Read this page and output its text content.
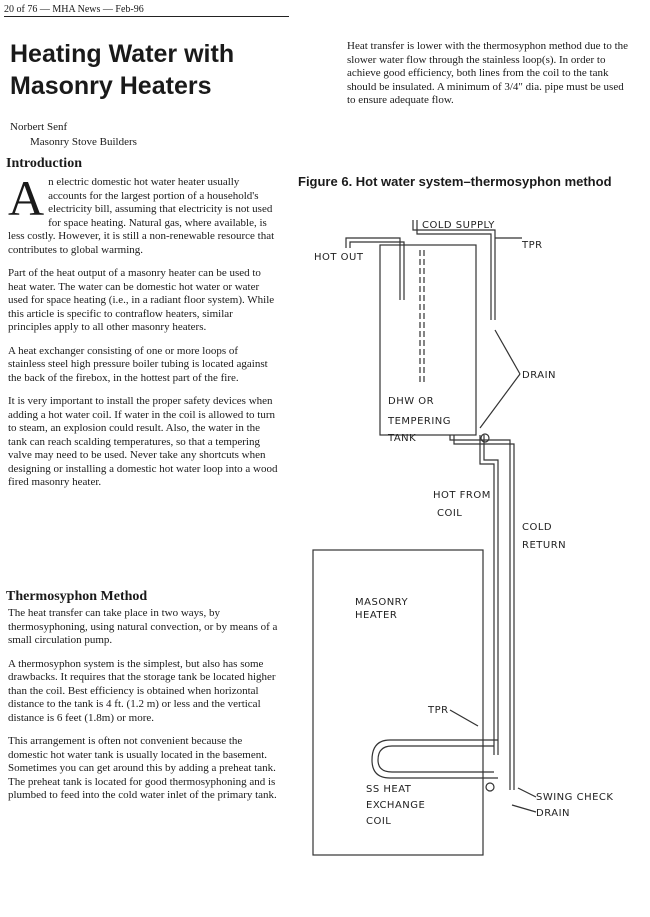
20 of 76 — MHA News — Feb-96
Heating Water with Masonry Heaters
Norbert Senf
Masonry Stove Builders
Introduction

An electric domestic hot water heater usually accounts for the largest portion of a household's electricity bill, assuming that electricity is not used for space heating. Natural gas, where available, is less costly. However, it is still a non-renewable resource that contributes to global warming.

Part of the heat output of a masonry heater can be used to heat water. The water can be domestic hot water or water used for space heating (i.e., in a radiant floor system). While this article is specific to contraflow heaters, similar principles apply to all other masonry heaters.

A heat exchanger consisting of one or more loops of stainless steel high pressure boiler tubing is located against the back of the firebox, in the hottest part of the fire.

It is very important to install the proper safety devices when adding a hot water coil. If water in the coil is allowed to turn to steam, an explosion could result. Also, the water in the tank can reach scalding temperatures, so that a tempering valve may need to be used. Never take any shortcuts when designing or installing a domestic hot water loop into a wood fired masonry heater.

Thermosyphon Method

The heat transfer can take place in two ways, by thermosyphoning, using natural convection, or by means of a small circulation pump.

A thermosyphon system is the simplest, but also has some drawbacks. It requires that the storage tank be located higher than the coil. Best efficiency is obtained when horizontal distance to the tank is 4 ft. (1.2 m) or less and the vertical distance is 6 feet (1.8m) or more.

This arrangement is often not convenient because the domestic hot water tank is usually located in the basement. Sometimes you can get around this by adding a preheat tank. The preheat tank is located for good thermosyphoning and is plumbed to feed into the cold water inlet of the primary tank.

Heat transfer is lower with the thermosyphon method due to the slower water flow through the stainless loop(s). In order to achieve good efficiency, both lines from the coil to the tank should be insulated. A minimum of 3/4" dia. pipe must be used to ensure adequate flow.

Figure 6. Hot water system–thermosyphon method
COLD SUPPLY
TPR
HOT OUT
DRAIN
DHW OR
TEMPERING
TANK
HOT FROM
COIL
COLD
RETURN
MASONRY
HEATER
TPR
SS HEAT
EXCHANGE
COIL
SWING CHECK
DRAIN
